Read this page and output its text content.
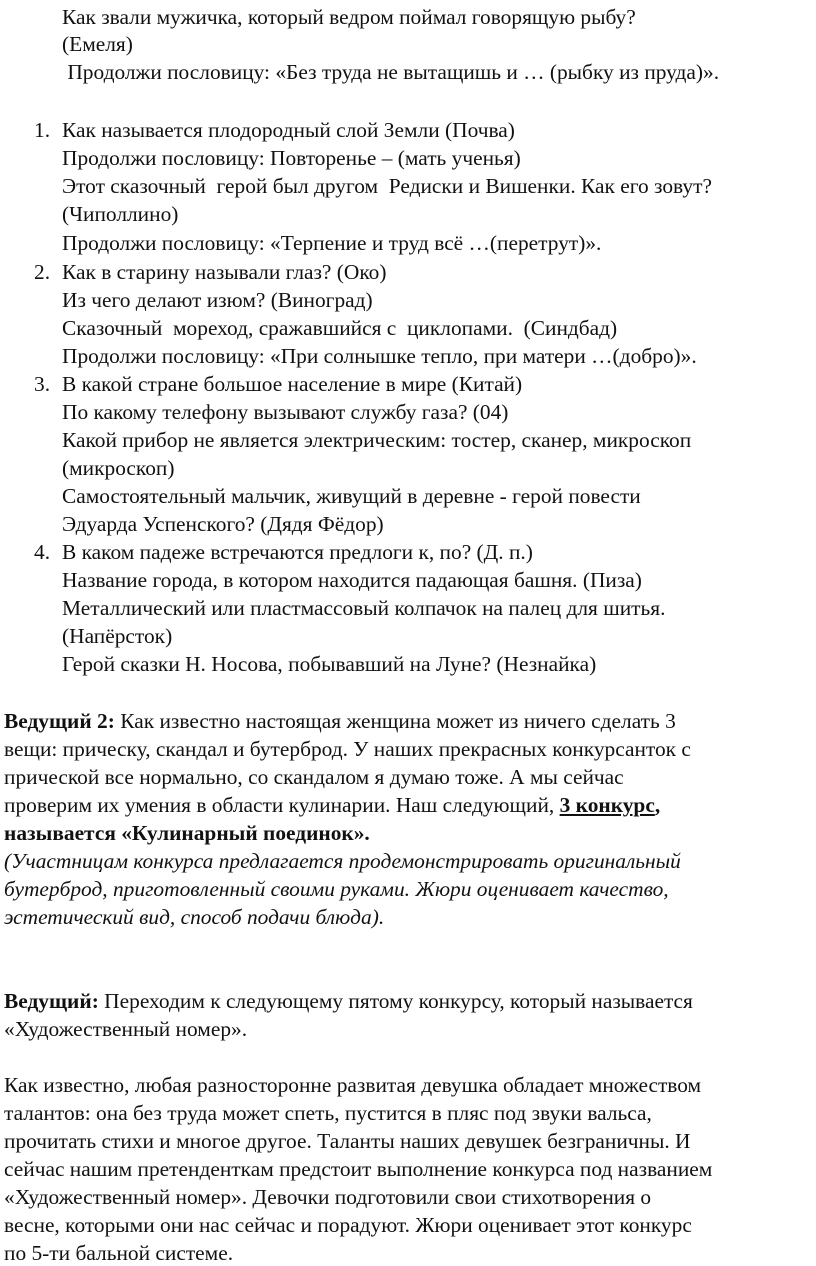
Как звали мужичка, который ведром поймал говорящую рыбу?
(Емеля)
Продолжи пословицу: «Без труда не вытащишь и … (рыбку из пруда)».
1. Как называется плодородный слой Земли (Почва)
Продолжи пословицу: Повторенье – (мать ученья)
Этот сказочный  герой был другом  Редиски и Вишенки. Как его зовут?
(Чиполлино)
Продолжи пословицу: «Терпение и труд всё …(перетрут)».
2. Как в старину называли глаз? (Око)
Из чего делают изюм? (Виноград)
Сказочный  мореход, сражавшийся с  циклопами.  (Синдбад)
Продолжи пословицу: «При солнышке тепло, при матери …(добро)».
3. В какой стране большое население в мире (Китай)
По какому телефону вызывают службу газа? (04)
Какой прибор не является электрическим: тостер, сканер, микроскоп
(микроскоп)
Самостоятельный мальчик, живущий в деревне - герой повести
Эдуарда Успенского? (Дядя Фёдор)
4. В каком падеже встречаются предлоги к, по? (Д. п.)
Название города, в котором находится падающая башня. (Пиза)
Металлический или пластмассовый колпачок на палец для шитья.
(Напёрсток)
Герой сказки Н. Носова, побывавший на Луне? (Незнайка)
Ведущий 2: Как известно настоящая женщина может из ничего сделать 3
вещи: прическу, скандал и бутерброд. У наших прекрасных конкурсанток с
прической все нормально, со скандалом я думаю тоже. А мы сейчас
проверим их умения в области кулинарии. Наш следующий, 3 конкурс,
называется «Кулинарный поединок».
(Участницам конкурса предлагается продемонстрировать оригинальный
бутерброд, приготовленный своими руками. Жюри оценивает качество,
эстетический вид, способ подачи блюда).
Ведущий: Переходим к следующему пятому конкурсу, который называется
«Художественный номер».
Как известно, любая разносторонне развитая девушка обладает множеством
талантов: она без труда может спеть, пустится в пляс под звуки вальса,
прочитать стихи и многое другое. Таланты наших девушек безграничны. И
сейчас нашим претенденткам предстоит выполнение конкурса под названием
«Художественный номер». Девочки подготовили свои стихотворения о
весне, которыми они нас сейчас и порадуют. Жюри оценивает этот конкурс
по 5-ти бальной системе.
